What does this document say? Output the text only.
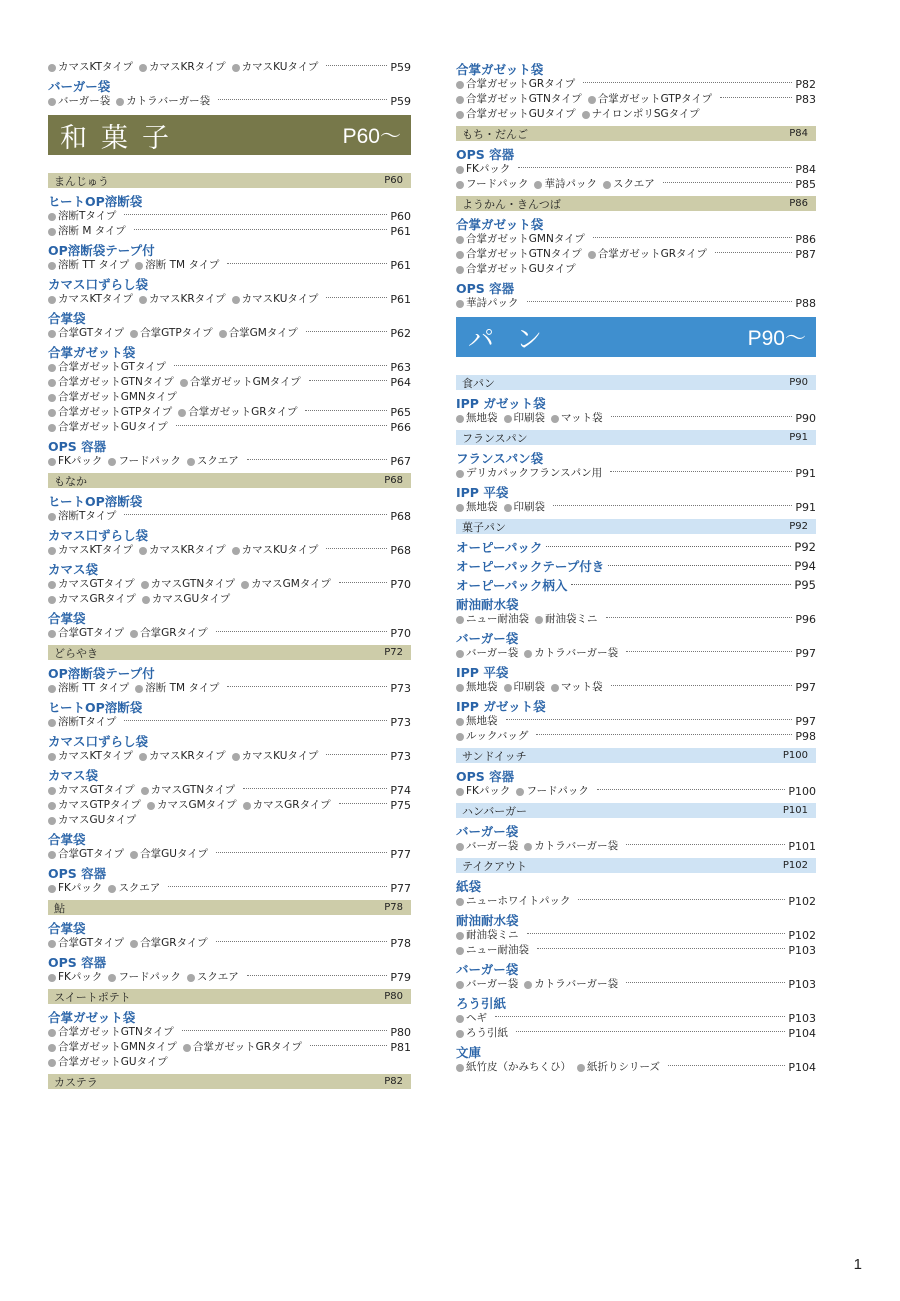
カマスKTタイプ カマスKRタイプ カマスKUタイプ	P59
バーガー袋
バーガー袋 カトラバーガー袋	P59
和菓子	P60～
まんじゅう	P60
ヒートOP溶断袋
溶断Tタイプ	P60
溶断 M タイプ	P61
OP溶断袋テープ付
溶断 TT タイプ 溶断 TM タイプ	P61
カマス口ずらし袋
カマスKTタイプ カマスKRタイプ カマスKUタイプ	P61
合掌袋
合掌GTタイプ 合掌GTPタイプ 合掌GMタイプ	P62
合掌ガゼット袋
合掌ガゼットGTタイプ	P63
合掌ガゼットGTNタイプ 合掌ガゼットGMタイプ	P64
合掌ガゼットGMNタイプ
合掌ガゼットGTPタイプ 合掌ガゼットGRタイプ	P65
合掌ガゼットGUタイプ	P66
OPS 容器
FKパック フードパック スクエア	P67
もなか	P68
ヒートOP溶断袋
溶断Tタイプ	P68
カマス口ずらし袋
カマスKTタイプ カマスKRタイプ カマスKUタイプ	P68
カマス袋
カマスGTタイプ カマスGTNタイプ カマスGMタイプ	P70
カマスGRタイプ カマスGUタイプ
合掌袋
合掌GTタイプ 合掌GRタイプ	P70
どらやき	P72
OP溶断袋テープ付
溶断 TT タイプ 溶断 TM タイプ	P73
ヒートOP溶断袋
溶断Tタイプ	P73
カマス口ずらし袋
カマスKTタイプ カマスKRタイプ カマスKUタイプ	P73
カマス袋
カマスGTタイプ カマスGTNタイプ	P74
カマスGTPタイプ カマスGMタイプ カマスGRタイプ	P75
カマスGUタイプ
合掌袋
合掌GTタイプ 合掌GUタイプ	P77
OPS 容器
FKパック スクエア	P77
鮎	P78
合掌袋
合掌GTタイプ 合掌GRタイプ	P78
OPS 容器
FKパック フードパック スクエア	P79
スイートポテト	P80
合掌ガゼット袋
合掌ガゼットGTNタイプ	P80
合掌ガゼットGMNタイプ 合掌ガゼットGRタイプ	P81
合掌ガゼットGUタイプ
カステラ	P82
合掌ガゼット袋
合掌ガゼットGRタイプ	P82
合掌ガゼットGTNタイプ 合掌ガゼットGTPタイプ	P83
合掌ガゼットGUタイプ ナイロンポリSGタイプ
もち・だんご	P84
OPS 容器
FKパック	P84
フードパック 華詩パック スクエア	P85
ようかん・きんつば	P86
合掌ガゼット袋
合掌ガゼットGMNタイプ	P86
合掌ガゼットGTNタイプ 合掌ガゼットGRタイプ	P87
合掌ガゼットGUタイプ
OPS 容器
華詩パック	P88
パン	P90～
食パン	P90
IPP ガゼット袋
無地袋 印刷袋 マット袋	P90
フランスパン	P91
フランスパン袋
デリカパックフランスパン用	P91
IPP 平袋
無地袋 印刷袋	P91
菓子パン	P92
オーピーパック	P92
オーピーパックテープ付き	P94
オーピーパック柄入	P95
耐油耐水袋
ニュー耐油袋 耐油袋ミニ	P96
バーガー袋
バーガー袋 カトラバーガー袋	P97
IPP 平袋
無地袋 印刷袋 マット袋	P97
IPP ガゼット袋
無地袋	P97
ルックバッグ	P98
サンドイッチ	P100
OPS 容器
FKパック フードパック	P100
ハンバーガー	P101
バーガー袋
バーガー袋 カトラバーガー袋	P101
テイクアウト	P102
紙袋
ニューホワイトパック	P102
耐油耐水袋
耐油袋ミニ	P102
ニュー耐油袋	P103
バーガー袋
バーガー袋 カトラバーガー袋	P103
ろう引紙
ヘギ	P103
ろう引紙	P104
文庫
紙竹皮（かみちくひ） 紙折りシリーズ	P104
1
